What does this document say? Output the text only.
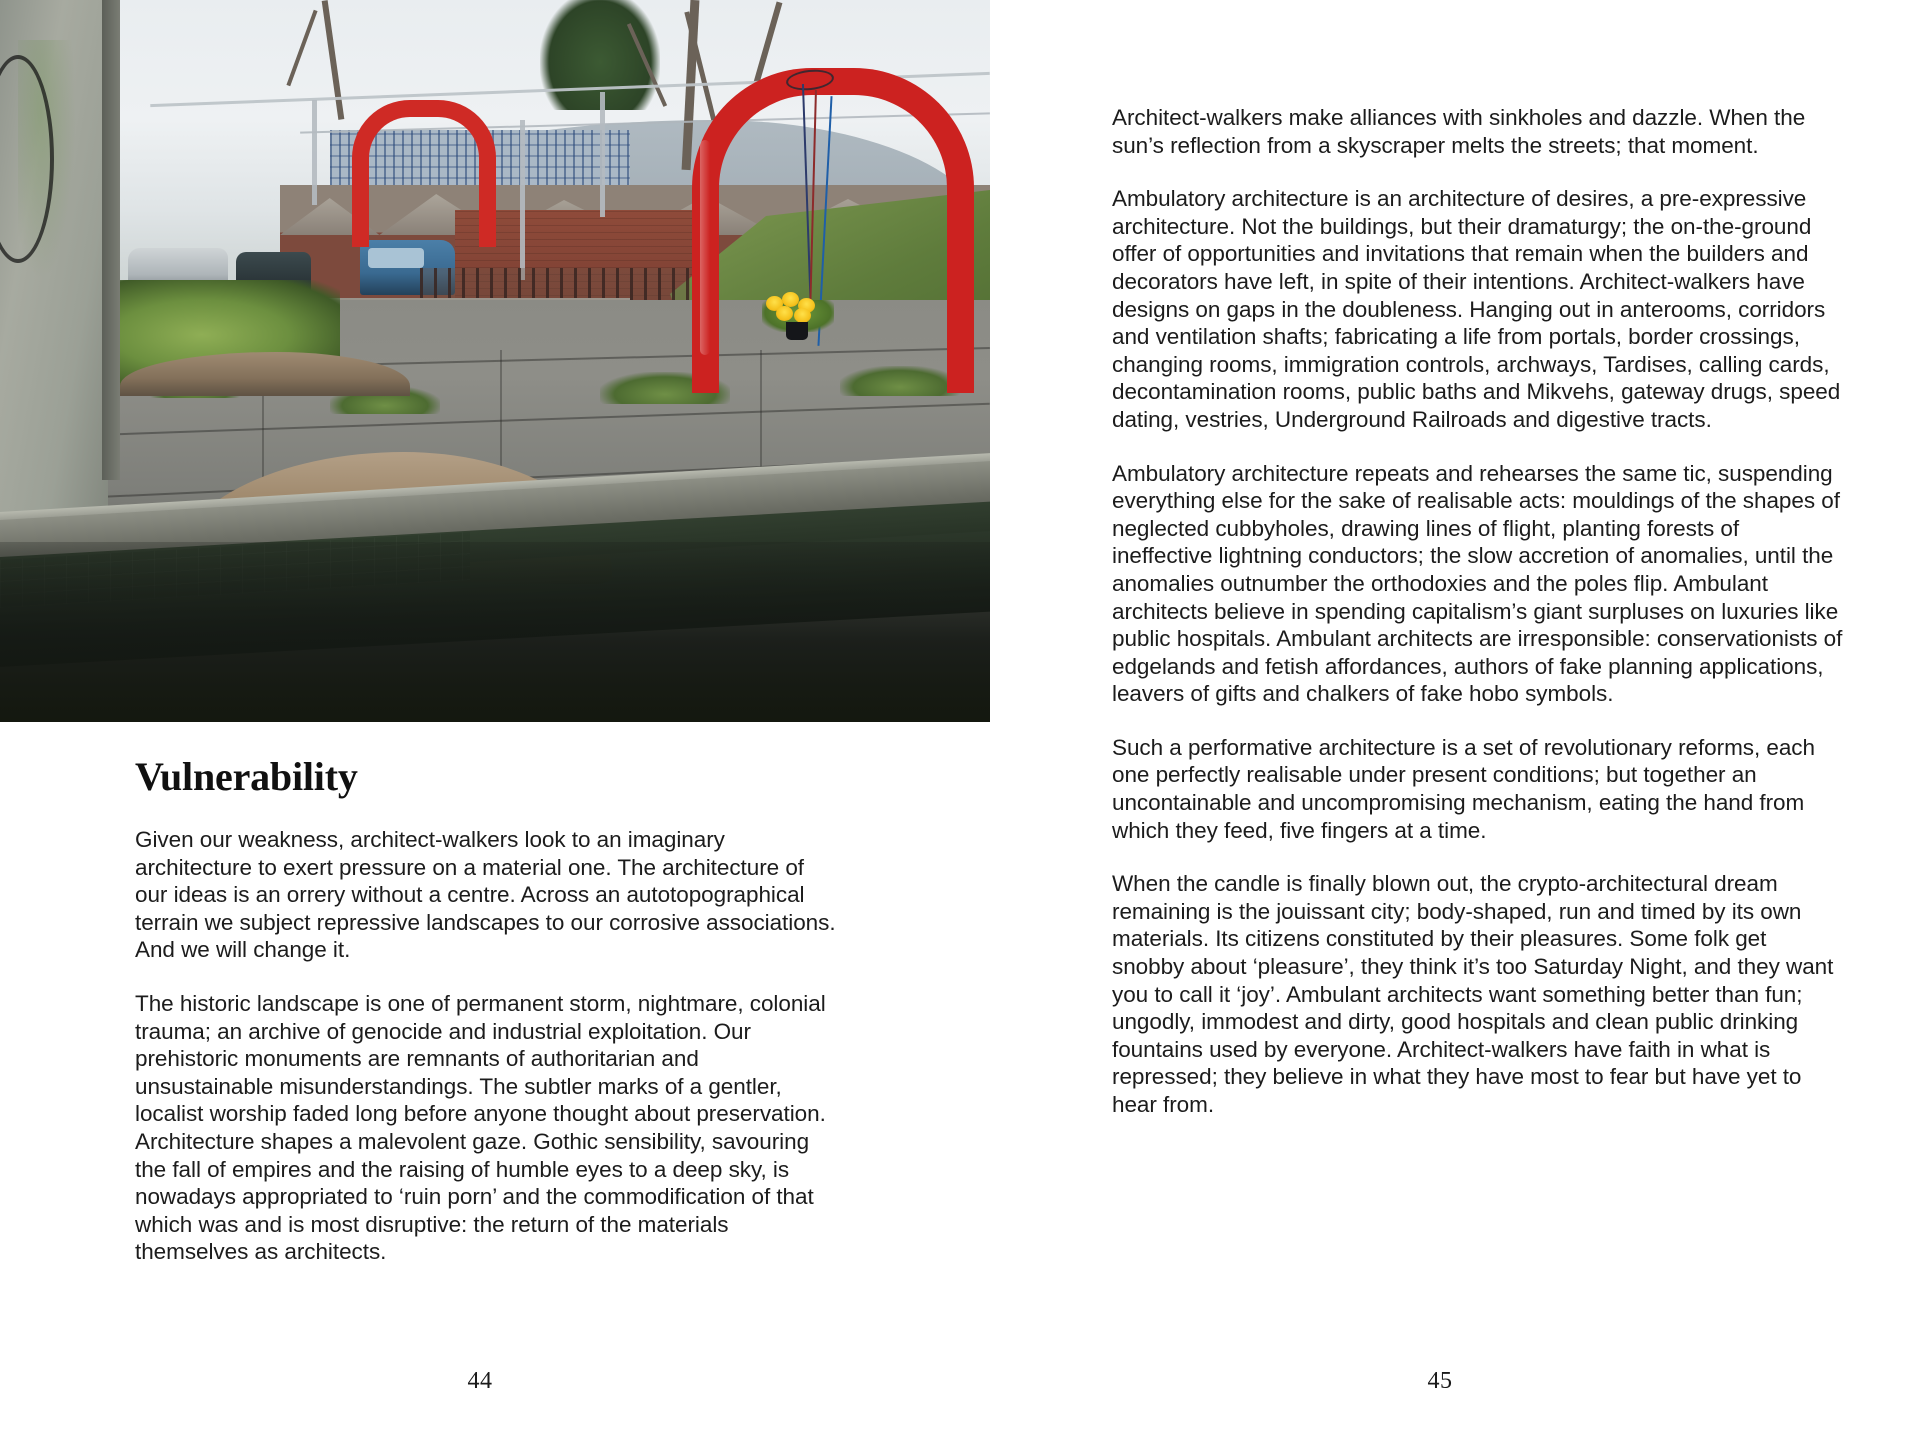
Vulnerability

Given our weakness, architect-walkers look to an imaginary architecture to exert pressure on a material one. The architecture of our ideas is an orrery without a centre. Across an autotopographical terrain we subject repressive landscapes to our corrosive associations. And we will change it.

The historic landscape is one of permanent storm, nightmare, colonial trauma; an archive of genocide and industrial exploitation. Our prehistoric monuments are remnants of authoritarian and unsustainable misunderstandings. The subtler marks of a gentler, localist worship faded long before anyone thought about preservation. Architecture shapes a malevolent gaze. Gothic sensibility, savouring the fall of empires and the raising of humble eyes to a deep sky, is nowadays appropriated to ‘ruin porn’ and the commodification of that which was and is most disruptive: the return of the materials themselves as architects.

44

Architect-walkers make alliances with sinkholes and dazzle. When the sun’s reflection from a skyscraper melts the streets; that moment.

Ambulatory architecture is an architecture of desires, a pre-expressive architecture. Not the buildings, but their dramaturgy; the on-the-ground offer of opportunities and invitations that remain when the builders and decorators have left, in spite of their intentions. Architect-walkers have designs on gaps in the doubleness. Hanging out in anterooms, corridors and ventilation shafts; fabricating a life from portals, border crossings, changing rooms, immigration controls, archways, Tardises, calling cards, decontamination rooms, public baths and Mikvehs, gateway drugs, speed dating, vestries, Underground Railroads and digestive tracts.

Ambulatory architecture repeats and rehearses the same tic, suspending everything else for the sake of realisable acts: mouldings of the shapes of neglected cubbyholes, drawing lines of flight, planting forests of ineffective lightning conductors; the slow accretion of anomalies, until the anomalies outnumber the orthodoxies and the poles flip. Ambulant architects believe in spending capitalism’s giant surpluses on luxuries like public hospitals. Ambulant architects are irresponsible: conservationists of edgelands and fetish affordances, authors of fake planning applications, leavers of gifts and chalkers of fake hobo symbols.

Such a performative architecture is a set of revolutionary reforms, each one perfectly realisable under present conditions; but together an uncontainable and uncompromising mechanism, eating the hand from which they feed, five fingers at a time.

When the candle is finally blown out, the crypto-architectural dream remaining is the jouissant city; body-shaped, run and timed by its own materials. Its citizens constituted by their pleasures. Some folk get snobby about ‘pleasure’, they think it’s too Saturday Night, and they want you to call it ‘joy’. Ambulant architects want something better than fun; ungodly, immodest and dirty, good hospitals and clean public drinking fountains used by everyone. Architect-walkers have faith in what is repressed; they believe in what they have most to fear but have yet to hear from.

45
